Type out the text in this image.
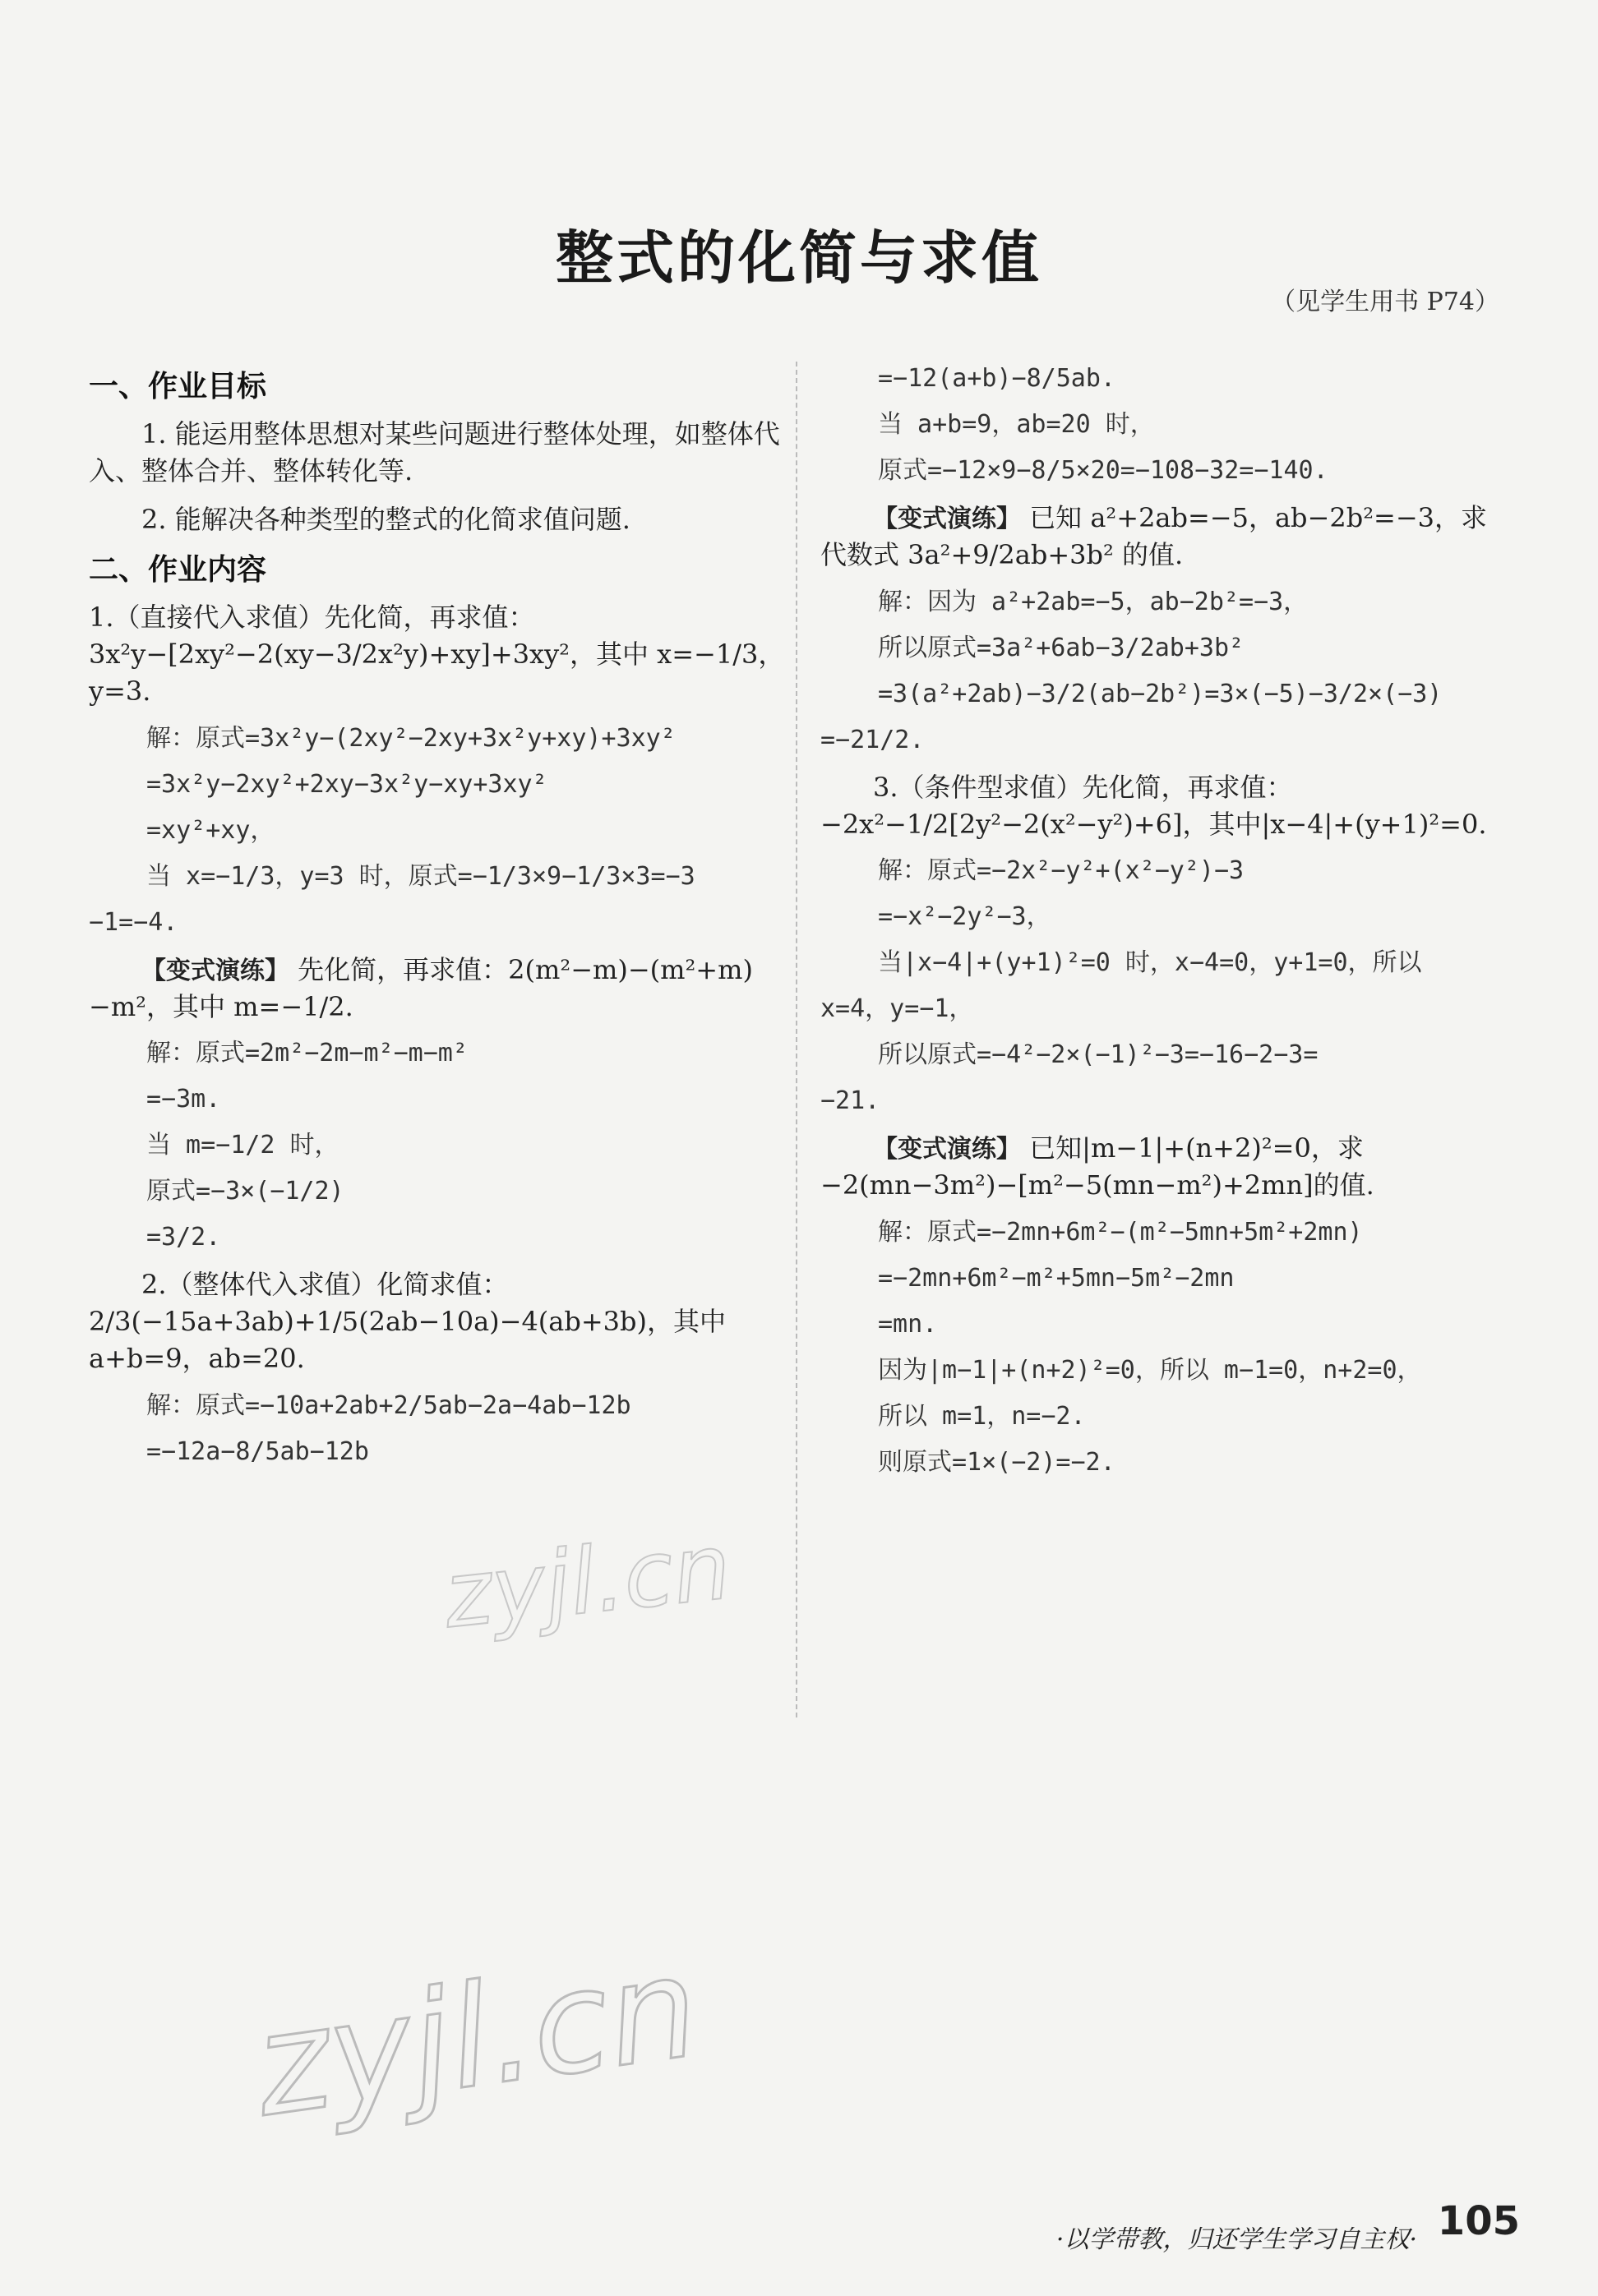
整式的化简与求值
（见学生用书 P74）
一、作业目标

1. 能运用整体思想对某些问题进行整体处理，如整体代入、整体合并、整体转化等.

2. 能解决各种类型的整式的化简求值问题.

二、作业内容

1.（直接代入求值）先化简，再求值：3x²y−[2xy²−2(xy−3/2x²y)+xy]+3xy²，其中 x=−1/3，y=3.

解：原式=3x²y−(2xy²−2xy+3x²y+xy)+3xy²

=3x²y−2xy²+2xy−3x²y−xy+3xy²

=xy²+xy，

当 x=−1/3，y=3 时，原式=−1/3×9−1/3×3=−3

−1=−4.

【变式演练】 先化简，再求值：2(m²−m)−(m²+m)−m²，其中 m=−1/2.

解：原式=2m²−2m−m²−m−m²

=−3m.

当 m=−1/2 时，

原式=−3×(−1/2)

=3/2.

2.（整体代入求值）化简求值：2/3(−15a+3ab)+1/5(2ab−10a)−4(ab+3b)，其中 a+b=9，ab=20.

解：原式=−10a+2ab+2/5ab−2a−4ab−12b

=−12a−8/5ab−12b

=−12(a+b)−8/5ab.

当 a+b=9，ab=20 时，

原式=−12×9−8/5×20=−108−32=−140.

【变式演练】 已知 a²+2ab=−5，ab−2b²=−3，求代数式 3a²+9/2ab+3b² 的值.

解：因为 a²+2ab=−5，ab−2b²=−3，

所以原式=3a²+6ab−3/2ab+3b²

=3(a²+2ab)−3/2(ab−2b²)=3×(−5)−3/2×(−3)

=−21/2.

3.（条件型求值）先化简，再求值：−2x²−1/2[2y²−2(x²−y²)+6]，其中|x−4|+(y+1)²=0.

解：原式=−2x²−y²+(x²−y²)−3

=−x²−2y²−3，

当|x−4|+(y+1)²=0 时，x−4=0，y+1=0，所以

x=4，y=−1，

所以原式=−4²−2×(−1)²−3=−16−2−3=

−21.

【变式演练】 已知|m−1|+(n+2)²=0，求−2(mn−3m²)−[m²−5(mn−m²)+2mn]的值.

解：原式=−2mn+6m²−(m²−5mn+5m²+2mn)

=−2mn+6m²−m²+5mn−5m²−2mn

=mn.

因为|m−1|+(n+2)²=0，所以 m−1=0，n+2=0，

所以 m=1，n=−2.

则原式=1×(−2)=−2.

zyjl.cn
zyjl.cn
·以学带教，归还学生学习自主权· 105
